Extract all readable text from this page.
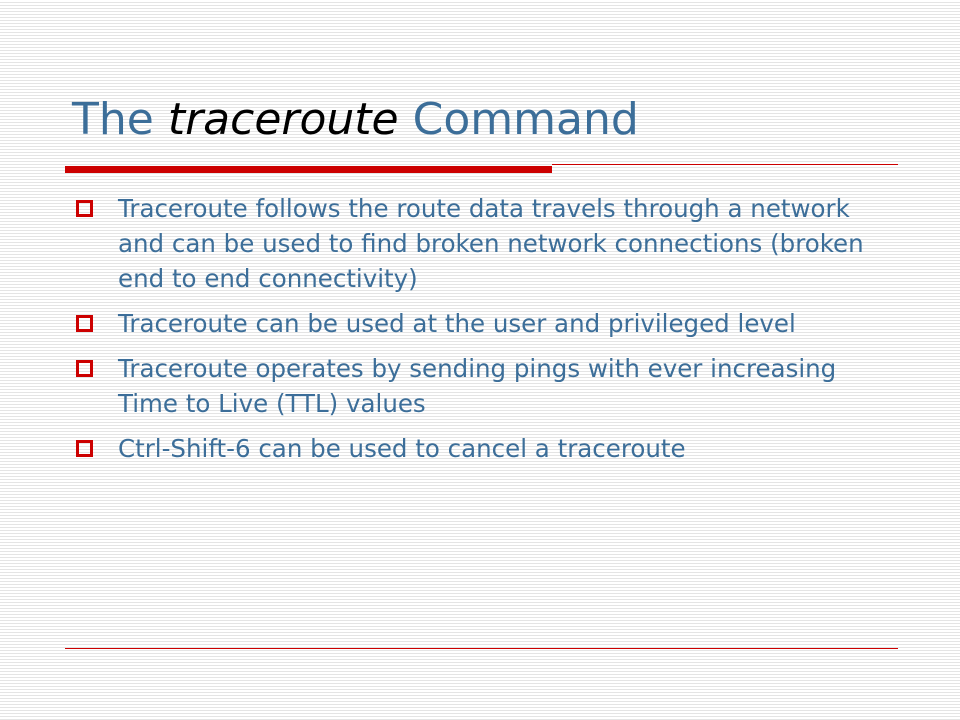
The traceroute Command
Traceroute follows the route data travels through a network and can be used to find broken network connections (broken end to end connectivity)
Traceroute can be used at the user and privileged level
Traceroute operates by sending pings with ever increasing Time to Live (TTL) values
Ctrl-Shift-6 can be used to cancel a traceroute
